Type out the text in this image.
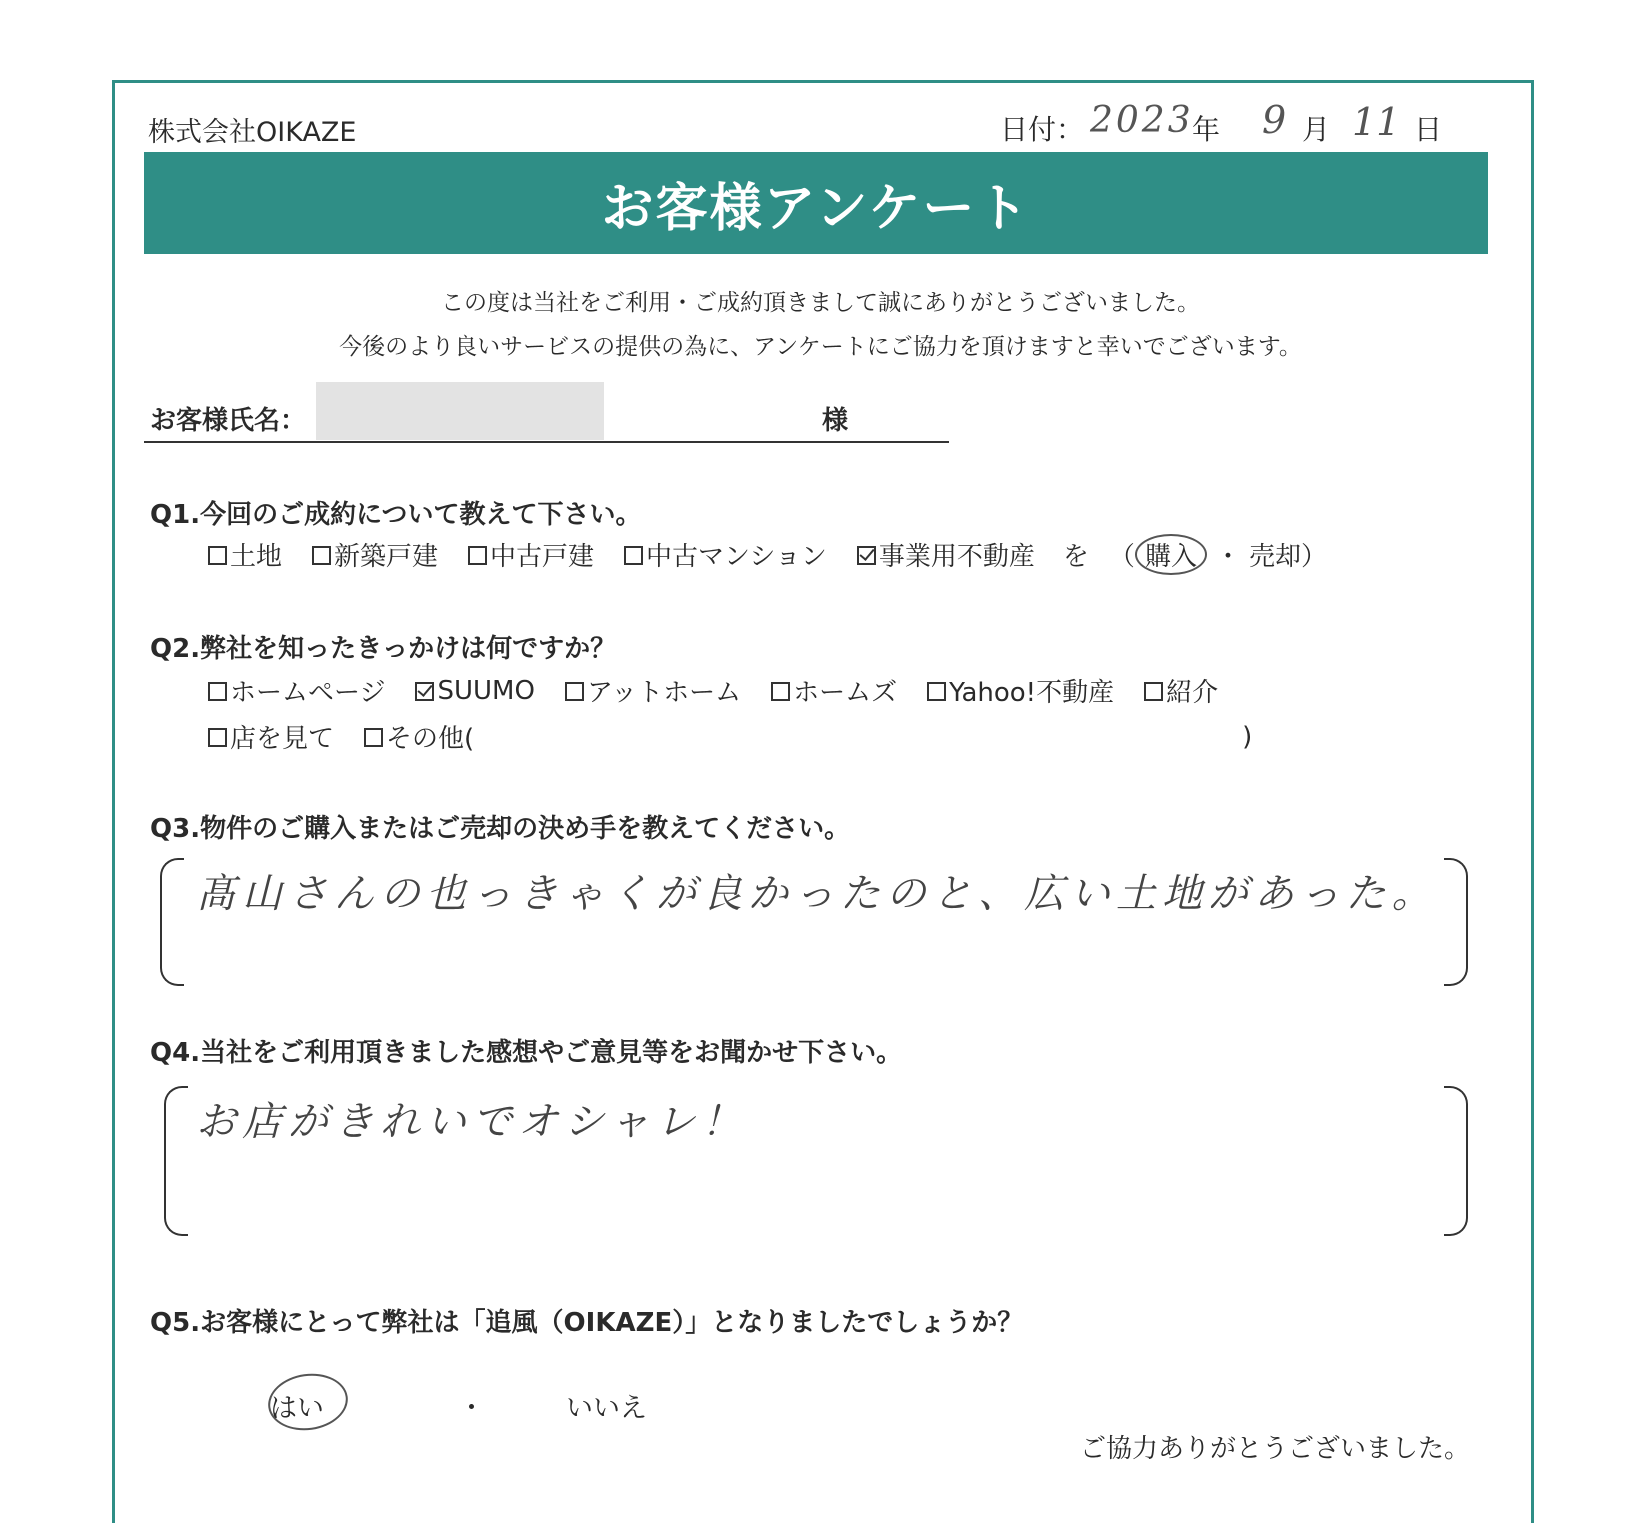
株式会社OIKAZE	日付： 2023
年 9 月 11 日
お客様アンケート
この度は当社をご利用・ご成約頂きまして誠にありがとうございました。
今後のより良いサービスの提供の為に、アンケートにご協力を頂けますと幸いでございます。
お客様氏名：	様
Q1.今回のご成約について教えて下さい。
土地 新築戸建 中古戸建 中古マンション 事業用不動産 を （ 購入 ・ 売却 ）
Q2.弊社を知ったきっかけは何ですか？
ホームページ SUUMO アットホーム ホームズ Yahoo!不動産 紹介
店を見て その他(	)
Q3.物件のご購入またはご売却の決め手を教えてください。
髙山さんの也っきゃくが良かったのと、広い土地があった。
Q4.当社をご利用頂きました感想やご意見等をお聞かせ下さい。
お店がきれいでオシャレ！
Q5.お客様にとって弊社は「追風（OIKAZE）」となりましたでしょうか？
はい	・	いいえ
ご協力ありがとうございました。
